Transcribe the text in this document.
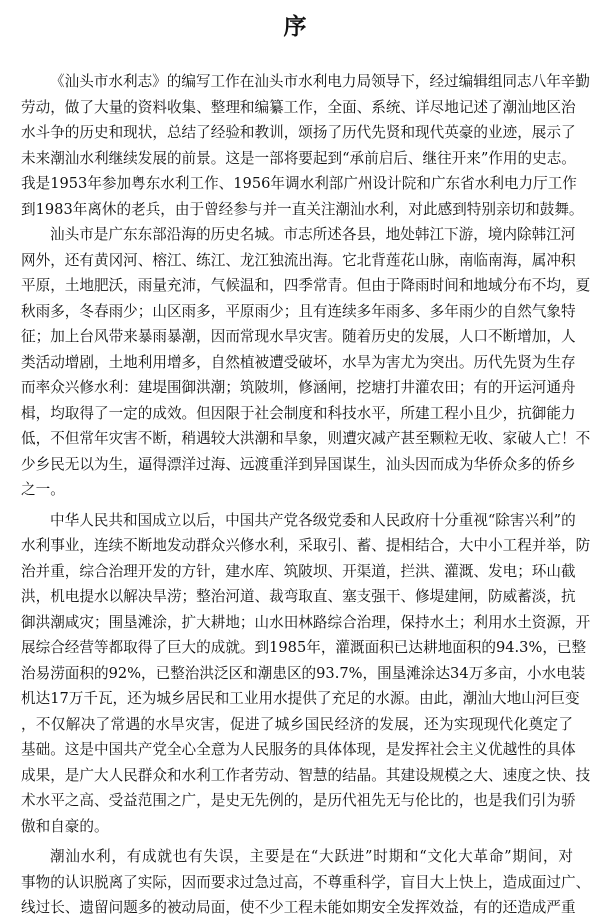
序
《汕头市水利志》的编写工作在汕头市水利电力局领导下，经过编辑组同志八年辛勤
劳动，做了大量的资料收集、整理和编纂工作，全面、系统、详尽地记述了潮汕地区治
水斗争的历史和现状，总结了经验和教训，颂扬了历代先贤和现代英豪的业迹，展示了
未来潮汕水利继续发展的前景。这是一部将要起到“承前启后、继往开来”作用的史志。
我是1953年参加粤东水利工作、1956年调水利部广州设计院和广东省水利电力厅工作
到1983年离休的老兵，由于曾经参与并一直关注潮汕水利，对此感到特别亲切和鼓舞。
汕头市是广东东部沿海的历史名城。市志所述各县，地处韩江下游，境内除韩江河
网外，还有黄冈河、榕江、练江、龙江独流出海。它北背莲花山脉，南临南海，属冲积
平原，土地肥沃，雨量充沛，气候温和，四季常青。但由于降雨时间和地域分布不均，夏
秋雨多，冬春雨少；山区雨多，平原雨少；且有连续多年雨多、多年雨少的自然气象特
征；加上台风带来暴雨暴潮，因而常现水旱灾害。随着历史的发展，人口不断增加，人
类活动增剧，土地利用增多，自然植被遭受破坏，水旱为害尤为突出。历代先贤为生存
而率众兴修水利：建堤围御洪潮；筑陂圳，修涵闸，挖塘打井灌农田；有的开运河通舟
楫，均取得了一定的成效。但因限于社会制度和科技水平，所建工程小且少，抗御能力
低，不但常年灾害不断，稍遇较大洪潮和旱象，则遭灾减产甚至颗粒无收、家破人亡！不
少乡民无以为生，逼得漂洋过海、远渡重洋到异国谋生，汕头因而成为华侨众多的侨乡
之一。
中华人民共和国成立以后，中国共产党各级党委和人民政府十分重视“除害兴利”的
水利事业，连续不断地发动群众兴修水利，采取引、蓄、提相结合，大中小工程并举，防
治并重，综合治理开发的方针，建水库、筑陂坝、开渠道，拦洪、灌溉、发电；环山截
洪，机电提水以解决旱涝；整治河道、裁弯取直、塞支强干、修堤建闸，防威蓄淡，抗
御洪潮咸灾；围垦滩涂，扩大耕地；山水田林路综合治理，保持水土；利用水土资源，开
展综合经营等都取得了巨大的成就。到1985年，灌溉面积已达耕地面积的94.3%，已整
治易涝面积的92%，已整治洪泛区和潮患区的93.7%，围垦滩涂达34万多亩，小水电装
机达17万千瓦，还为城乡居民和工业用水提供了充足的水源。由此，潮汕大地山河巨变
，不仅解决了常遇的水旱灾害，促进了城乡国民经济的发展，还为实现现代化奠定了
基础。这是中国共产党全心全意为人民服务的具体体现，是发挥社会主义优越性的具体
成果，是广大人民群众和水利工作者劳动、智慧的结晶。其建设规模之大、速度之快、技
术水平之高、受益范围之广，是史无先例的，是历代祖先无与伦比的，也是我们引为骄
傲和自豪的。
潮汕水利，有成就也有失误，主要是在“大跃进”时期和“文化大革命”期间，对
事物的认识脱离了实际，因而要求过急过高，不尊重科学，盲目大上快上，造成面过广、
线过长、遗留问题多的被动局面，使不少工程未能如期安全发挥效益，有的还造成严重
